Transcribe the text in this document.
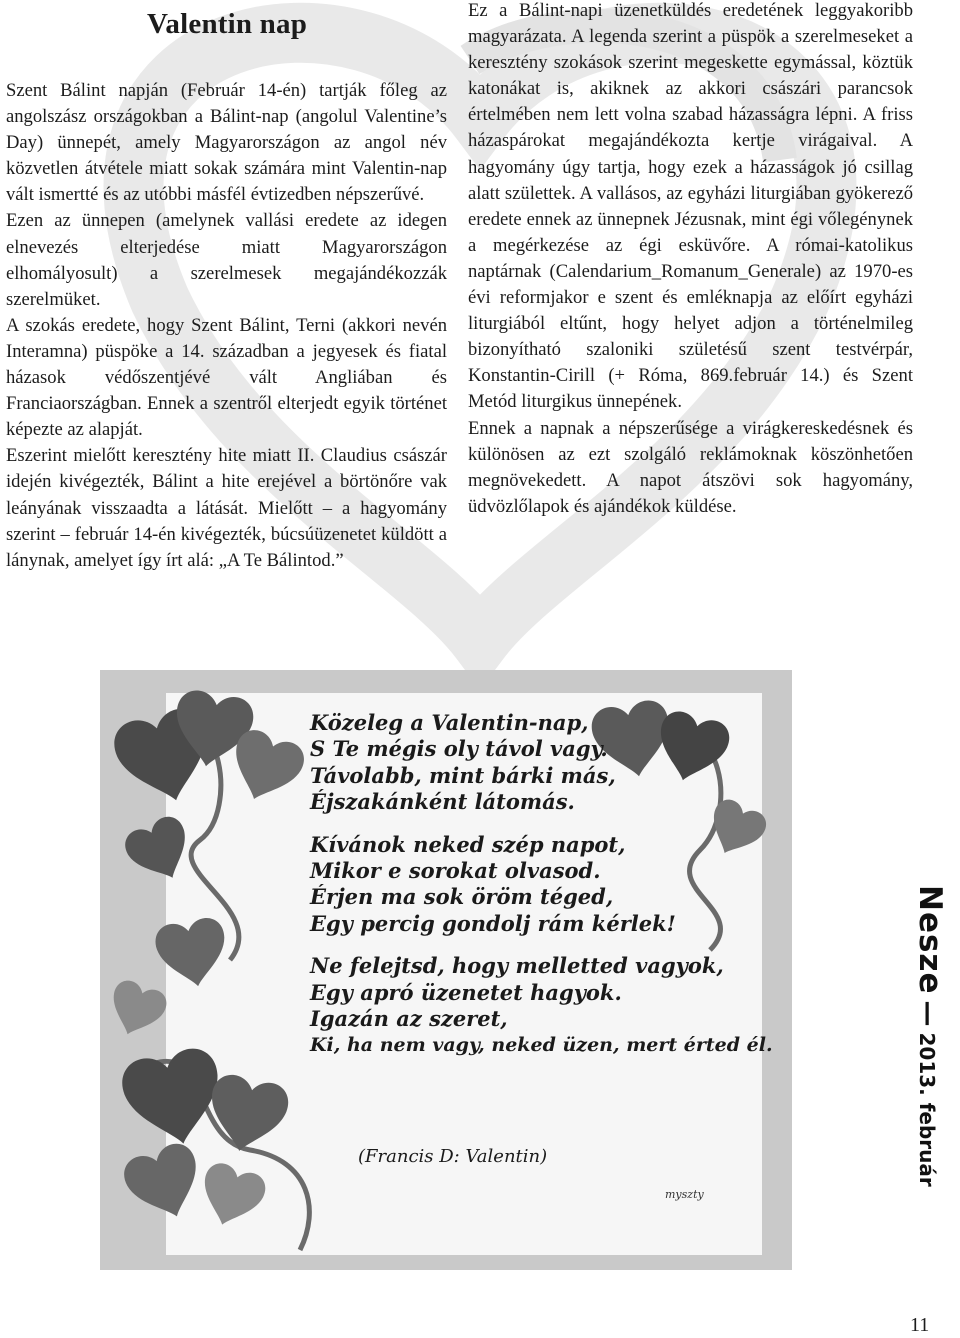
Valentin nap

Szent Bálint napján (Február 14-én) tartják főleg az angolszász országokban a Bálint-nap (angolul Valentine’s Day) ünnepét, amely Magyarországon az angol név közvetlen átvétele miatt sokak számára mint Valentin-nap vált ismertté és az utóbbi másfél évtizedben népszerűvé.

Ezen az ünnepen (amelynek vallási eredete az idegen elnevezés elterjedése miatt Magyarországon elhomályosult) a szerelmesek megajándékozzák szerelmüket.

A szokás eredete, hogy Szent Bálint, Terni (akkori nevén Interamna) püspöke a 14. században a jegyesek és fiatal házasok védőszentjévé vált Angliában és Franciaországban. Ennek a szentről elterjedt egyik történet képezte az alapját.

Eszerint mielőtt keresztény hite miatt II. Claudius császár idején kivégezték, Bálint a hite erejével a börtönőre vak leányának visszaadta a látását. Mielőtt – a hagyomány szerint – február 14-én kivégezték, búcsúüzenetet küldött a lánynak, amelyet így írt alá: „A Te Bálintod.”

Ez a Bálint-napi üzenetküldés eredetének leggyakoribb magyarázata. A legenda szerint a püspök a szerelmeseket a keresztény szokások szerint megeskette egymással, köztük katonákat is, akiknek az akkori császári parancsok értelmében nem lett volna szabad házasságra lépni. A friss házaspárokat megajándékozta kertje virágaival. A hagyomány úgy tartja, hogy ezek a házasságok jó csillag alatt születtek. A vallásos, az egyházi liturgiában gyökerező eredete ennek az ünnepnek Jézusnak, mint égi vőlegénynek a megérkezése az égi esküvőre. A római-katolikus naptárnak (Calendarium_Romanum_Generale) az 1970-es évi reformjakor e szent és emléknapja az előírt egyházi liturgiából eltűnt, hogy helyet adjon a történelmileg bizonyítható szaloniki születésű szent testvérpár, Konstantin-Cirill (+ Róma, 869.február 14.) és Szent Metód liturgikus ünnepének.

Ennek a napnak a népszerűsége a virágkereskedésnek és különösen az ezt szolgáló reklámoknak köszönhetően megnövekedett. A napot átszövi sok hagyomány, üdvözlőlapok és ajándékok küldése.

Közeleg a Valentin-nap,
S Te mégis oly távol vagy.
Távolabb, mint bárki más,
Éjszakánként látomás.
Kívánok neked szép napot,
Mikor e sorokat olvasod.
Érjen ma sok öröm téged,
Egy percig gondolj rám kérlek!
Ne felejtsd, hogy melletted vagyok,
Egy apró üzenetet hagyok.
Igazán az szeret,
Ki, ha nem vagy, neked üzen, mert érted él.
(Francis D: Valentin)
myszty
Nesze—2013. február
11
